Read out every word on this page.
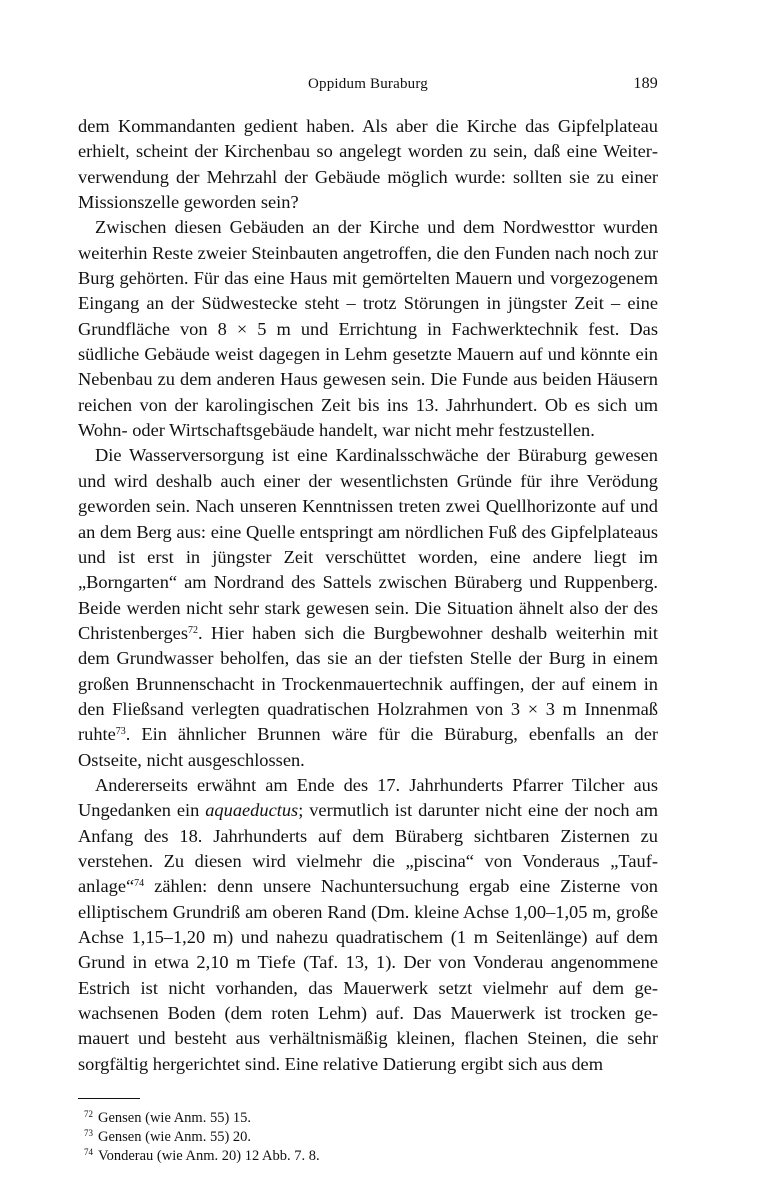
Oppidum Buraburg	189

dem Kommandanten gedient haben. Als aber die Kirche das Gipfelplateau erhielt, scheint der Kirchenbau so angelegt worden zu sein, daß eine Weiterverwendung der Mehrzahl der Gebäude möglich wurde: sollten sie zu einer Missionszelle geworden sein?

Zwischen diesen Gebäuden an der Kirche und dem Nordwesttor wurden weiterhin Reste zweier Steinbauten angetroffen, die den Funden nach noch zur Burg gehörten. Für das eine Haus mit gemörtelten Mauern und vorgezogenem Eingang an der Südwestecke steht – trotz Störungen in jüngster Zeit – eine Grundfläche von 8 × 5 m und Errichtung in Fachwerktechnik fest. Das südliche Gebäude weist dagegen in Lehm gesetzte Mauern auf und könnte ein Nebenbau zu dem anderen Haus gewesen sein. Die Funde aus beiden Häusern reichen von der karolingischen Zeit bis ins 13. Jahrhundert. Ob es sich um Wohn- oder Wirtschaftsgebäude handelt, war nicht mehr festzustellen.

Die Wasserversorgung ist eine Kardinalsschwäche der Büraburg gewesen und wird deshalb auch einer der wesentlichsten Gründe für ihre Verödung geworden sein. Nach unseren Kenntnissen treten zwei Quellhorizonte auf und an dem Berg aus: eine Quelle entspringt am nördlichen Fuß des Gipfelplateaus und ist erst in jüngster Zeit verschüttet worden, eine andere liegt im „Borngarten“ am Nordrand des Sattels zwischen Büraberg und Ruppenberg. Beide werden nicht sehr stark gewesen sein. Die Situation ähnelt also der des Christenberges$^{72}$. Hier haben sich die Burgbewohner deshalb weiterhin mit dem Grundwasser beholfen, das sie an der tiefsten Stelle der Burg in einem großen Brunnenschacht in Trockenmauertechnik auffingen, der auf einem in den Fließsand verlegten quadratischen Holzrahmen von 3 × 3 m Innenmaß ruhte$^{73}$. Ein ähnlicher Brunnen wäre für die Büraburg, ebenfalls an der Ostseite, nicht ausgeschlossen.

Andererseits erwähnt am Ende des 17. Jahrhunderts Pfarrer Tilcher aus Ungedanken ein aquaeductus; vermutlich ist darunter nicht eine der noch am Anfang des 18. Jahrhunderts auf dem Büraberg sichtbaren Zisternen zu verstehen. Zu diesen wird vielmehr die „piscina“ von Vonderaus „Taufanlage“$^{74}$ zählen: denn unsere Nachuntersuchung ergab eine Zisterne von elliptischem Grundriß am oberen Rand (Dm. kleine Achse 1,00–1,05 m, große Achse 1,15–1,20 m) und nahezu quadratischem (1 m Seitenlänge) auf dem Grund in etwa 2,10 m Tiefe (Taf. 13, 1). Der von Vonderau angenommene Estrich ist nicht vorhanden, das Mauerwerk setzt vielmehr auf dem gewachsenen Boden (dem roten Lehm) auf. Das Mauerwerk ist trocken gemauert und besteht aus verhältnismäßig kleinen, flachen Steinen, die sehr sorgfältig hergerichtet sind. Eine relative Datierung ergibt sich aus dem

$^{72}$ Gensen (wie Anm. 55) 15.
$^{73}$ Gensen (wie Anm. 55) 20.
$^{74}$ Vonderau (wie Anm. 20) 12 Abb. 7. 8.
